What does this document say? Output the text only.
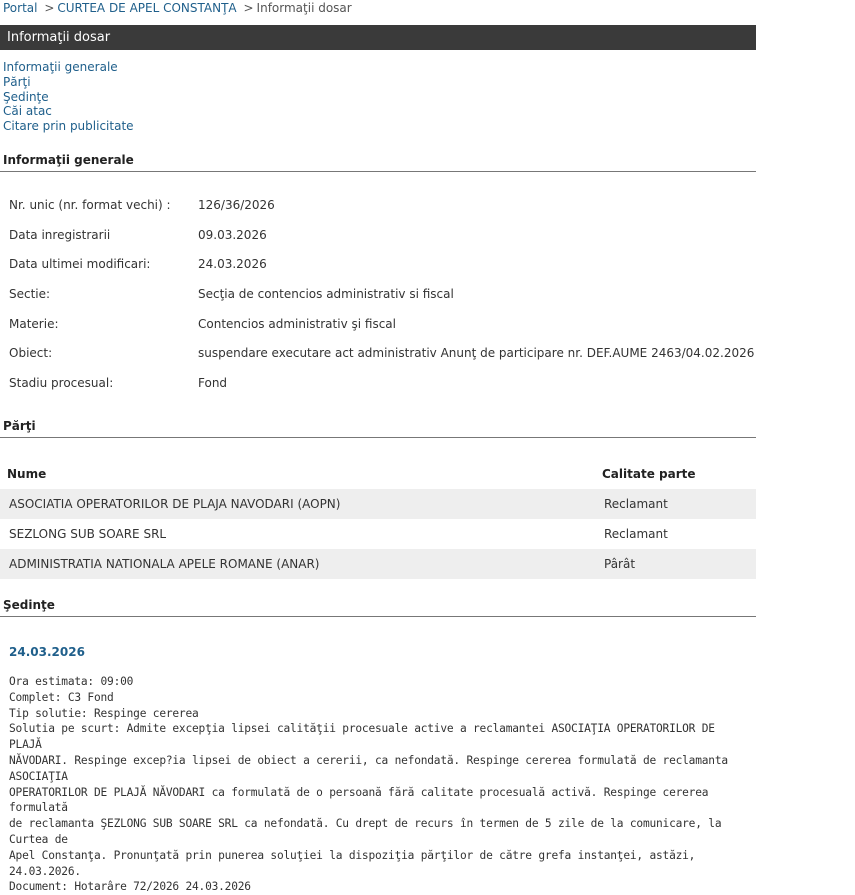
Portal > CURTEA DE APEL CONSTANŢA > Informaţii dosar
Informaţii dosar
Informaţii generale
Părţi
Şedinţe
Căi atac
Citare prin publicitate
Informaţii generale
Nr. unic (nr. format vechi) :	126/36/2026
Data inregistrarii	09.03.2026
Data ultimei modificari:	24.03.2026
Sectie:	Secţia de contencios administrativ si fiscal
Materie:	Contencios administrativ şi fiscal
Obiect:	suspendare executare act administrativ Anunţ de participare nr. DEF.AUME 2463/04.02.2026
Stadiu procesual:	Fond
Părţi
Nume	Calitate parte
ASOCIATIA OPERATORILOR DE PLAJA NAVODARI (AOPN)	Reclamant
SEZLONG SUB SOARE SRL	Reclamant
ADMINISTRATIA NATIONALA APELE ROMANE (ANAR)	Pârât
Şedinţe
24.03.2026
Ora estimata: 09:00
Complet: C3 Fond
Tip solutie: Respinge cererea
Solutia pe scurt: Admite excepţia lipsei calităţii procesuale active a reclamantei ASOCIAŢIA OPERATORILOR DE PLAJĂ
NĂVODARI. Respinge excep?ia lipsei de obiect a cererii, ca nefondată. Respinge cererea formulată de reclamanta ASOCIAŢIA
OPERATORILOR DE PLAJĂ NĂVODARI ca formulată de o persoană fără calitate procesuală activă. Respinge cererea formulată
de reclamanta ŞEZLONG SUB SOARE SRL ca nefondată. Cu drept de recurs în termen de 5 zile de la comunicare, la Curtea de
Apel Constanţa. Pronunţată prin punerea soluţiei la dispoziţia părţilor de către grefa instanţei, astăzi, 24.03.2026.
Document: Hotarâre 72/2026 24.03.2026
